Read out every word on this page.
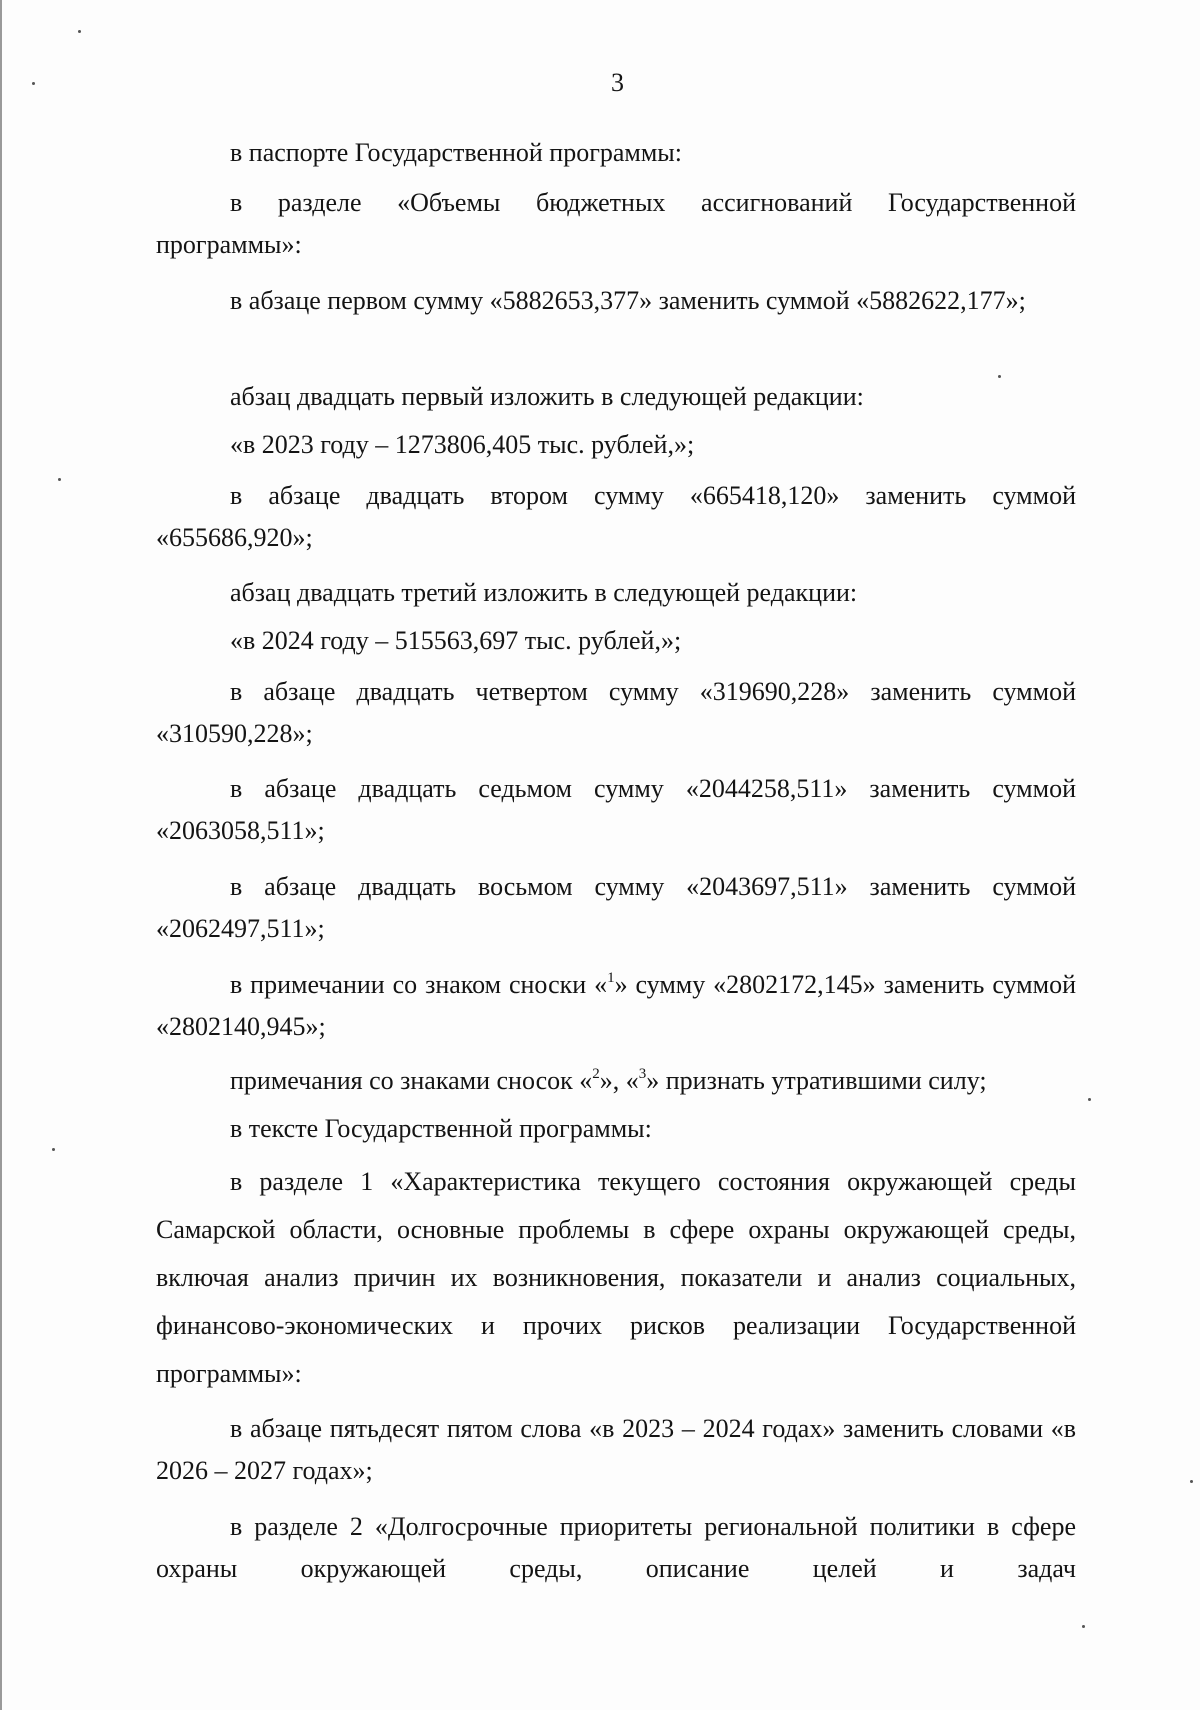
3

в паспорте Государственной программы:

в разделе «Объемы бюджетных ассигнований Государственной программы»:

в абзаце первом сумму «5882653,377» заменить суммой «5882622,177»;

абзац двадцать первый изложить в следующей редакции:

«в 2023 году – 1273806,405 тыс. рублей,»;

в абзаце двадцать втором сумму «665418,120» заменить суммой «655686,920»;

абзац двадцать третий изложить в следующей редакции:

«в 2024 году – 515563,697 тыс. рублей,»;

в абзаце двадцать четвертом сумму «319690,228» заменить суммой «310590,228»;

в абзаце двадцать седьмом сумму «2044258,511» заменить суммой «2063058,511»;

в абзаце двадцать восьмом сумму «2043697,511» заменить суммой «2062497,511»;

в примечании со знаком сноски «$^1$» сумму «2802172,145» заменить суммой «2802140,945»;

примечания со знаками сносок «$^2$», «$^3$» признать утратившими силу;

в тексте Государственной программы:

в разделе 1 «Характеристика текущего состояния окружающей среды Самарской области, основные проблемы в сфере охраны окружающей среды, включая анализ причин их возникновения, показатели и анализ социальных, финансово-экономических и прочих рисков реализации Государственной программы»:

в абзаце пятьдесят пятом слова «в 2023 – 2024 годах» заменить словами «в 2026 – 2027 годах»;

в разделе 2 «Долгосрочные приоритеты региональной политики в сфере охраны окружающей среды, описание целей и задач
